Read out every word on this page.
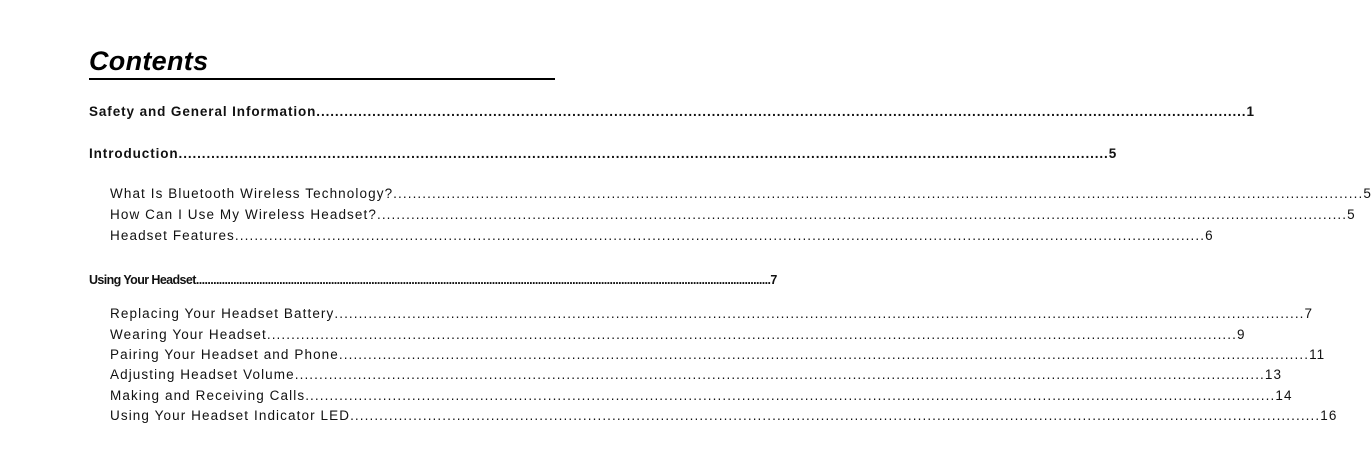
Contents
Safety and General Information ........................................................................................................................................................................................................ 1
Introduction ........................................................................................................................................................................................................ 5
What Is Bluetooth Wireless Technology? ........................................................................................................................................................................................................ 5
How Can I Use My Wireless Headset? ........................................................................................................................................................................................................ 5
Headset Features ........................................................................................................................................................................................................ 6
Using Your Headset ........................................................................................................................................................................................................ 7
Replacing Your Headset Battery ........................................................................................................................................................................................................ 7
Wearing Your Headset ........................................................................................................................................................................................................ 9
Pairing Your Headset and Phone ........................................................................................................................................................................................................ 11
Adjusting Headset Volume ........................................................................................................................................................................................................ 13
Making and Receiving Calls ........................................................................................................................................................................................................ 14
Using Your Headset Indicator LED ........................................................................................................................................................................................................ 16
